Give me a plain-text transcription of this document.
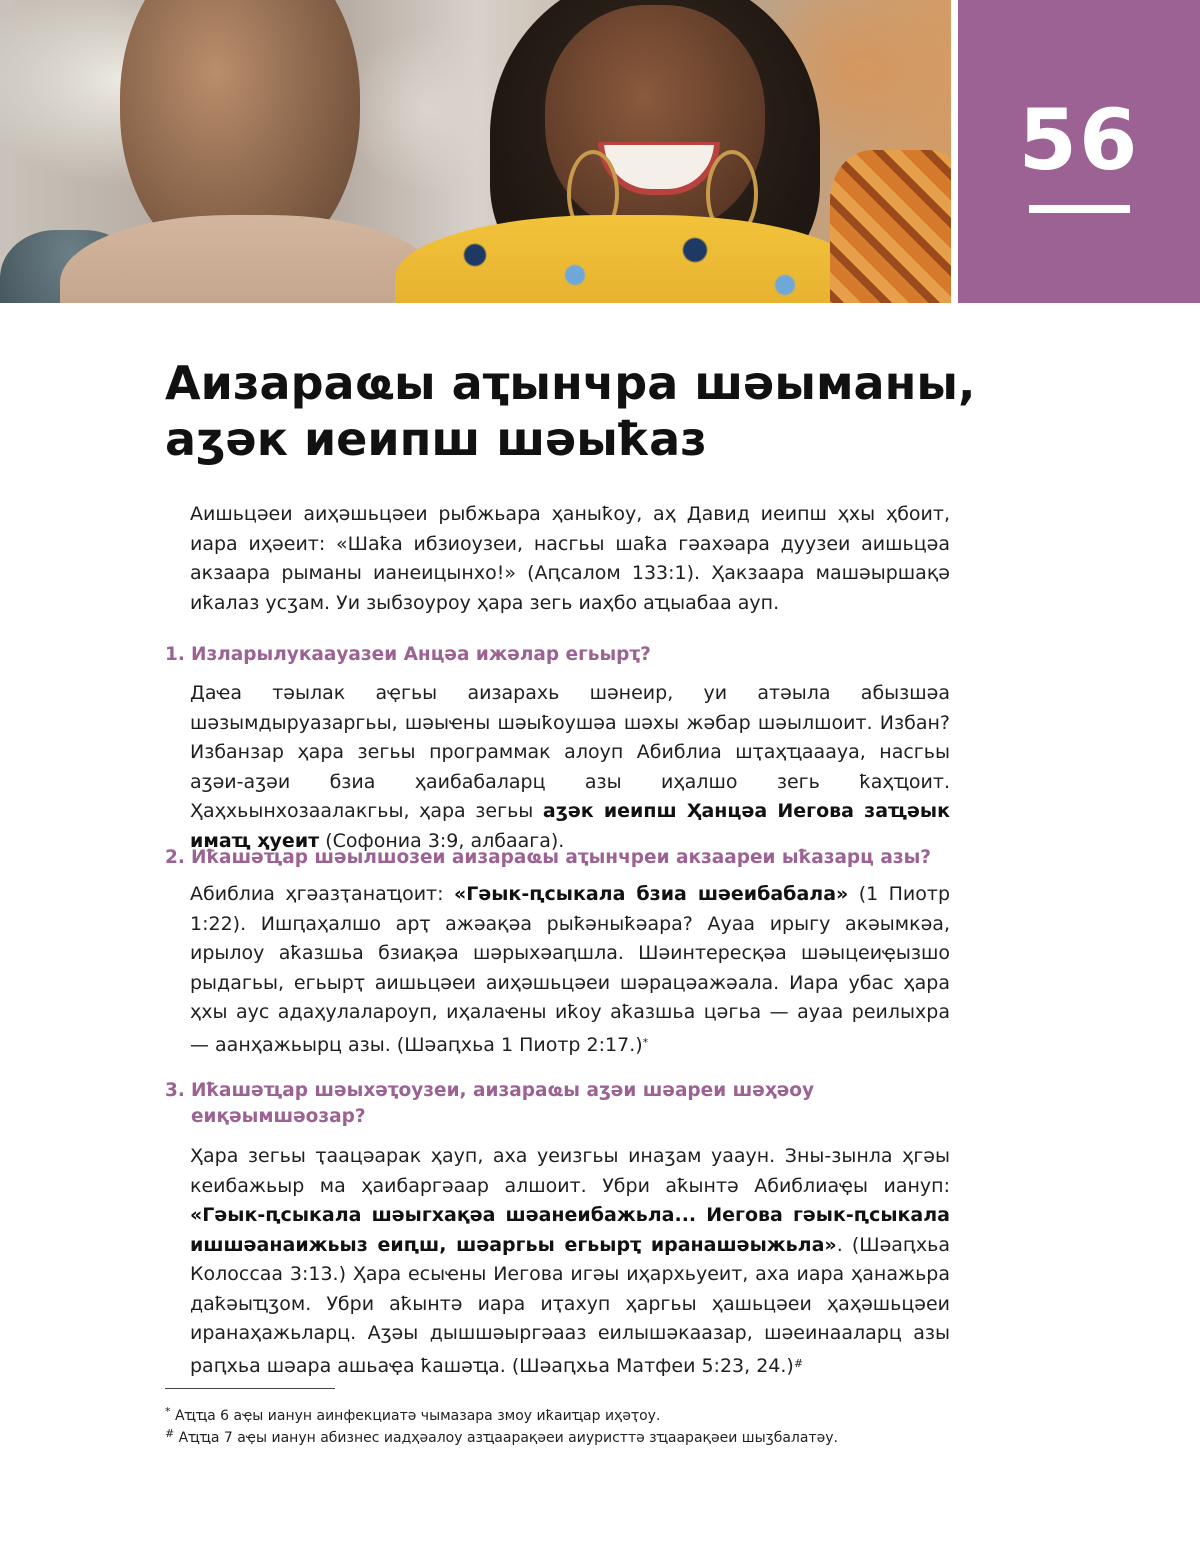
56
Аизараҩы аҭынчра шәыманы,
аӡәк иеипш шәыҟаз

Аишьцәеи аиҳәшьцәеи рыбжьара ҳаныҟоу, аҳ Давид иеипш ҳхы ҳбоит, иара иҳәеит: «Шаҟа ибзиоузеи, насгьы шаҟа гәахәара дуузеи аишьцәа акзаара рыманы ианеицынхо!» (Аԥсалом 133:1). Ҳакзаара машәыршақә иҟалаз усӡам. Уи зыбзоуроу ҳара зегь иаҳбо аҵыабаа ауп.

1. Изларылукаауазеи Анцәа ижәлар егьырҭ?

Даҽа тәылак аҿгьы аизарахь шәнеир, уи атәыла абызшәа шәзымдыруазаргьы, шәыҽны шәыҟоушәа шәхы жәбар шәылшоит. Избан? Избанзар ҳара зегьы программак алоуп Абиблиа шҭаҳҵааауа, насгьы аӡәи-аӡәи бзиа ҳаибабаларц азы иҳалшо зегь ҟаҳҵоит. Ҳаҳхьынхозаалакгьы, ҳара зегьы аӡәк иеипш Ҳанцәа Иегова заҵәык имаҵ ҳуеит (Софониа 3:9, албаага).

2. Иҟашәҵар шәылшозеи аизараҩы аҭынчреи акзаареи ыҟазарц азы?

Абиблиа ҳгәазҭанаҵоит: «Гәык-ԥсыкала бзиа шәеибабала» (1 Пиотр 1:22). Ишԥаҳалшо арҭ ажәақәа рыҟәныҟәара? Ауаа ирыгу акәымкәа, ирылоу аҟазшьа бзиақәа шәрыхәаԥшла. Шәинтересқәа шәыцеиҿызшо рыдагьы, егьырҭ аишьцәеи аиҳәшьцәеи шәрацәажәала. Иара убас ҳара ҳхы аус адаҳулалароуп, иҳалаҽны иҟоу аҟазшьа цәгьа — ауаа реилыхра — аанҳажьырц азы. (Шәаԥхьа 1 Пиотр 2:17.)*

3. Иҟашәҵар шәыхәҭоузеи, аизараҩы аӡәи шәареи шәҳәоу
еиқәымшәозар?

Ҳара зегьы ҭаацәарак ҳауп, аха уеизгьы инаӡам уааун. Зны-зынла ҳгәы кеибажьыр ма ҳаибаргәаар алшоит. Убри аҟынтә Абиблиаҿы иануп: «Гәык-ԥсыкала шәыгхақәа шәанеибажьла... Иегова гәык-ԥсыкала ишшәанаижьыз еиԥш, шәаргьы егьырҭ иранашәыжьла». (Шәаԥхьа Колоссаа 3:13.) Ҳара есыҽны Иегова игәы иҳархьуеит, аха иара ҳанажьра даҟәыҵӡом. Убри аҟынтә иара иҭахуп ҳаргьы ҳашьцәеи ҳаҳәшьцәеи иранаҳажьларц. Аӡәы дышшәыргәааз еилышәкаазар, шәеинааларц азы раԥхьа шәара ашьаҿа ҟашәҵа. (Шәаԥхьа Матфеи 5:23, 24.)#

* Аҵҵа 6 аҿы ианун аинфекциатә чымазара змоу иҟаиҵар иҳәҭоу.

# Аҵҵа 7 аҿы ианун абизнес иадҳәалоу азҵаарақәеи аиуристтә зҵаарақәеи шыӡбалатәу.
